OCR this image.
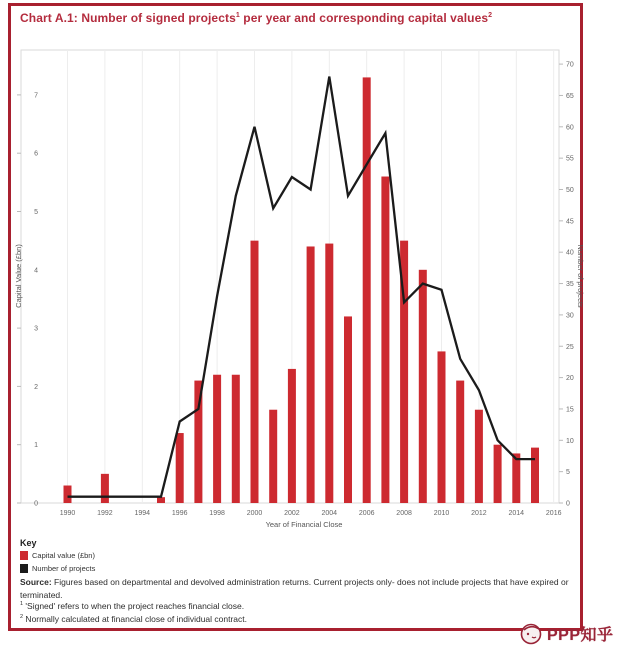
Chart A.1: Number of signed projects$^1$ per year and corresponding capital values$^2$
0
1
2
3
4
5
6
7
0
5
10
15
20
25
30
35
40
45
50
55
60
65
70
1990	1992	1994	1996	1998	2000	2002	2004	2006	2008	2010	2012	2014	2016
Capital Value (£bn)	Number of projects
Year of Financial Close
Key
Capital value (£bn)
Number of projects
Source: Figures based on departmental and devolved administration returns. Current projects only- does not include projects that have expired or terminated.
$^1$ 'Signed' refers to when the project reaches financial close.
$^2$ Normally calculated at financial close of individual contract.
PPP知乎
